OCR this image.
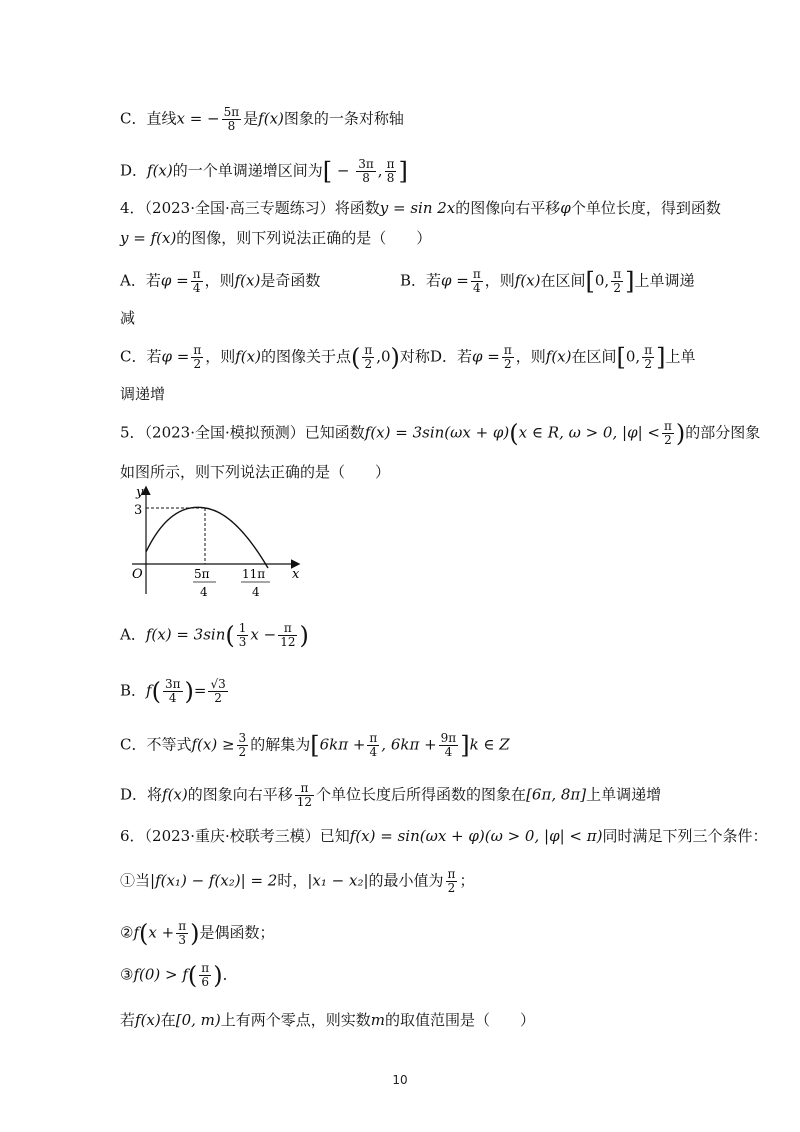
C．直线x = − $\frac{5\pi}{8}$ 是f(x)图象的一条对称轴
D．f(x)的一个单调递增区间为[ − $\frac{3\pi}{8}$ , $\frac{\pi}{8}$ ]
4．（2023·全国·高三专题练习）将函数y = sin 2x的图像向右平移φ个单位长度，得到函数
y = f(x)的图像，则下列说法正确的是（　　）
A．若$\varphi = \frac{\pi}{4}$ ，则f(x)是奇函数	B．若$\varphi = \frac{\pi}{4}$ ，则f(x)在区间[0, $\frac{\pi}{2}$ ]上单调递
减
C．若$\varphi = \frac{\pi}{2}$ ，则f(x)的图像关于点( $\frac{\pi}{2} ,0$)对称 D．若$\varphi = \frac{\pi}{2}$ ，则f(x)在区间[0, $\frac{\pi}{2}$ ]上单
调递增
5．（2023·全国·模拟预测）已知函数f(x) = 3sin(ωx + φ)(x ∈ R, ω > 0, $|\varphi| < \frac{\pi}{2}$ )的部分图象
如图所示，则下列说法正确的是（　　）
y
x
O
3
5π
4
11π
4
A．$f(x) = 3\sin( \frac{1}{3}$ $x - \frac{\pi}{12}$ )
B．$f( \frac{3\pi}{4}$ )= $\frac{√3}{2}$
C．不等式$f(x) \ge \frac{3}{2}$ 的解集为[$6k\pi + \frac{\pi}{4}$ , $6k\pi + \frac{9\pi}{4} ]k$ ∈ Z
D．将f(x)的图象向右平移 $\frac{\pi}{12}$ 个单位长度后所得函数的图象在[6π, 8π]上单调递增
6．（2023·重庆·校联考三模）已知f(x) = sin(ωx + φ)(ω > 0, |φ| < π)同时满足下列三个条件：
①当|f(x₁) − f(x₂)| = 2时，|x₁ − x₂|的最小值为 $\frac{\pi}{2}$ ；
②f(x + $\frac{\pi}{3}$ )是偶函数；
③f(0) > $f( \frac{\pi}{6}$ )．
若f(x)在[0, m)上有两个零点，则实数m的取值范围是（　　）
10
